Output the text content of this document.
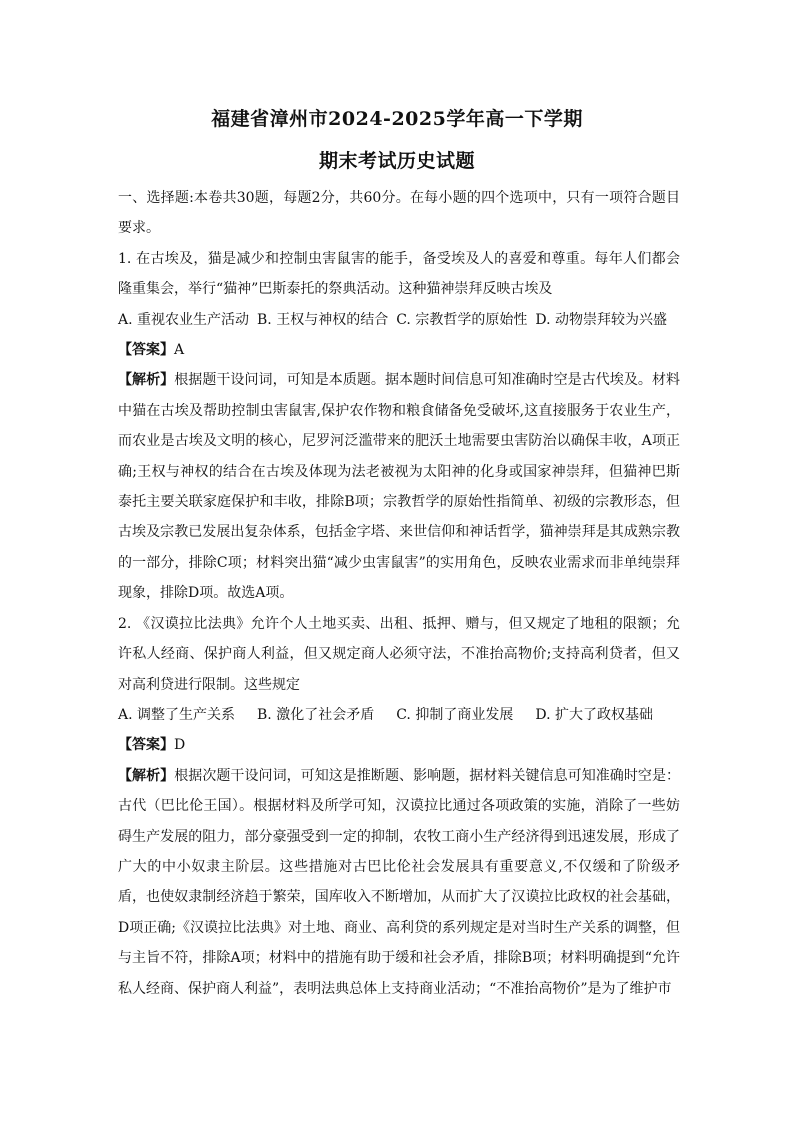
福建省漳州市2024-2025学年高一下学期
期末考试历史试题

一、选择题:本卷共30题，每题2分，共60分。在每小题的四个选项中，只有一项符合题目要求。

1. 在古埃及，猫是减少和控制虫害鼠害的能手，备受埃及人的喜爱和尊重。每年人们都会隆重集会，举行“猫神”巴斯泰托的祭典活动。这种猫神崇拜反映古埃及

A. 重视农业生产活动 B. 王权与神权的结合 C. 宗教哲学的原始性 D. 动物崇拜较为兴盛

【答案】A

【解析】根据题干设问词，可知是本质题。据本题时间信息可知准确时空是古代埃及。材料中猫在古埃及帮助控制虫害鼠害,保护农作物和粮食储备免受破坏,这直接服务于农业生产，而农业是古埃及文明的核心，尼罗河泛滥带来的肥沃土地需要虫害防治以确保丰收，A项正确;王权与神权的结合在古埃及体现为法老被视为太阳神的化身或国家神崇拜，但猫神巴斯泰托主要关联家庭保护和丰收，排除B项；宗教哲学的原始性指简单、初级的宗教形态，但古埃及宗教已发展出复杂体系，包括金字塔、来世信仰和神话哲学，猫神崇拜是其成熟宗教的一部分，排除C项；材料突出猫“减少虫害鼠害”的实用角色，反映农业需求而非单纯崇拜现象，排除D项。故选A项。

2. 《汉谟拉比法典》允许个人土地买卖、出租、抵押、赠与，但又规定了地租的限额；允许私人经商、保护商人利益，但又规定商人必须守法，不准抬高物价;支持高利贷者，但又对高利贷进行限制。这些规定

A. 调整了生产关系 B. 激化了社会矛盾 C. 抑制了商业发展 D. 扩大了政权基础

【答案】D

【解析】根据次题干设问词，可知这是推断题、影响题，据材料关键信息可知准确时空是：古代（巴比伦王国）。根据材料及所学可知，汉谟拉比通过各项政策的实施，消除了一些妨碍生产发展的阻力，部分豪强受到一定的抑制，农牧工商小生产经济得到迅速发展，形成了广大的中小奴隶主阶层。这些措施对古巴比伦社会发展具有重要意义,不仅缓和了阶级矛盾，也使奴隶制经济趋于繁荣，国库收入不断增加，从而扩大了汉谟拉比政权的社会基础，D项正确;《汉谟拉比法典》对土地、商业、高利贷的系列规定是对当时生产关系的调整，但与主旨不符，排除A项；材料中的措施有助于缓和社会矛盾，排除B项；材料明确提到“允许私人经商、保护商人利益”，表明法典总体上支持商业活动；“不准抬高物价”是为了维护市
